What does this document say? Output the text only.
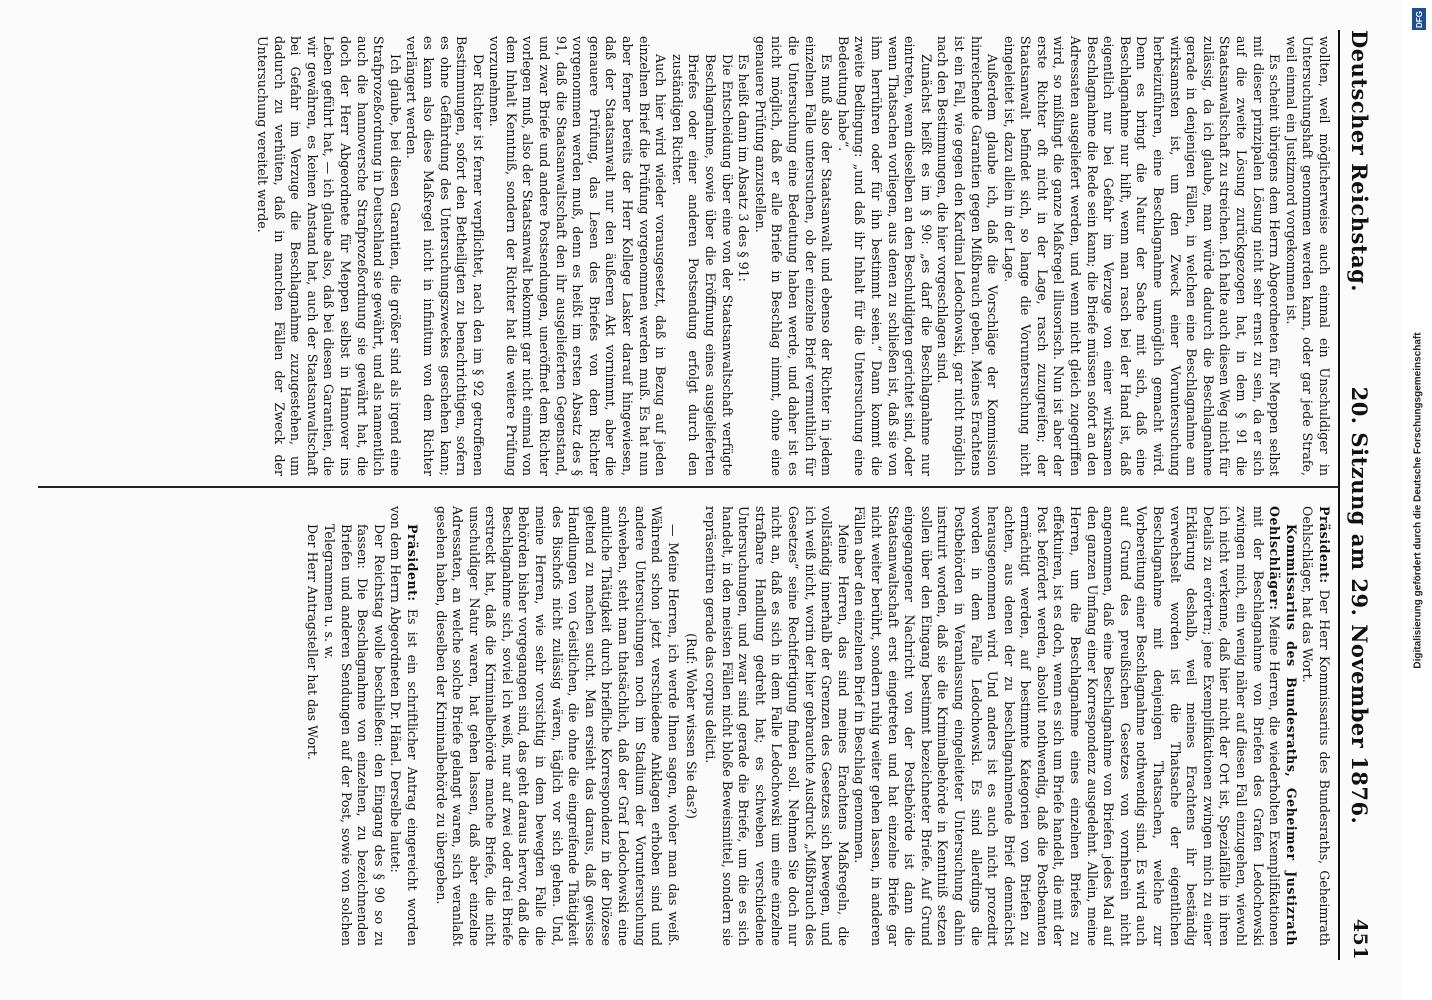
Deutscher Reichstag.
20. Sitzung am 29. November 1876.
451

wollten, weil möglicherweise auch einmal ein Unschuldiger in Untersuchungshaft genommen werden kann, oder gar jede Strafe, weil einmal ein Justizmord vorgekommen ist.

Es scheint übrigens dem Herrn Abgeordneten für Meppen selbst mit dieser prinzipalen Lösung nicht sehr ernst zu sein, da er sich auf die zweite Lösung zurückgezogen hat, in dem § 91 die Staatsanwaltschaft zu streichen. Ich halte auch diesen Weg nicht für zulässig, da ich glaube, man würde dadurch die Beschlagnahme gerade in denjenigen Fällen, in welchen eine Beschlagnahme am wirksamsten ist, um den Zweck einer Voruntersuchung herbeizuführen, eine Beschlagnahme unmöglich gemacht wird. Denn es bringt die Natur der Sache mit sich, daß eine Beschlagnahme nur hilft, wenn man rasch bei der Hand ist, daß eigentlich nur bei Gefahr im Verzuge von einer wirksamen Beschlagnahme die Rede sein kann; die Briefe müssen sofort an den Adressaten ausgeliefert werden, und wenn nicht gleich zugegriffen wird, so mißlingt die ganze Maßregel illusorisch. Nun ist aber der erste Richter oft nicht in der Lage, rasch zuzugreifen; der Staatsanwalt befindet sich, so lange die Voruntersuchung nicht eingeleitet ist, dazu allein in der Lage.

Außerdem glaube ich, daß die Vorschläge der Kommission hinreichende Garantien gegen Mißbrauch geben. Meines Erachtens ist ein Fall, wie gegen den Kardinal Ledochowski, gar nicht möglich nach den Bestimmungen, die hier vorgeschlagen sind.

Zunächst heißt es im § 90: „es darf die Beschlagnahme nur eintreten, wenn dieselben an den Beschuldigten gerichtet sind, oder wenn Thatsachen vorliegen, aus denen zu schließen ist, daß sie von ihm herrühren oder für ihn bestimmt seien.“ Dann kommt die zweite Bedingung: „und daß ihr Inhalt für die Untersuchung eine Bedeutung habe“.

Es muß also der Staatsanwalt und ebenso der Richter in jedem einzelnen Falle untersuchen, ob der einzelne Brief vermuthlich für die Untersuchung eine Bedeutung haben werde, und daher ist es nicht möglich, daß er alle Briefe in Beschlag nimmt, ohne eine genauere Prüfung anzustellen.

Es heißt dann im Absatz 3 des § 91:

Die Entscheidung über eine von der Staatsanwaltschaft verfügte Beschlagnahme, sowie über die Eröffnung eines ausgelieferten Briefes oder einer anderen Postsendung erfolgt durch den zuständigen Richter.

Auch hier wird wieder vorausgesetzt, daß in Bezug auf jeden einzelnen Brief die Prüfung vorgenommen werden muß. Es hat nun aber ferner bereits der Herr Kollege Lasker darauf hingewiesen, daß der Staatsanwalt nur den äußeren Akt vornimmt, aber die genauere Prüfung, das Lesen des Briefes von dem Richter vorgenommen werden muß, denn es heißt im ersten Absatz des § 91, daß die Staatsanwaltschaft den ihr ausgelieferten Gegenstand, und zwar Briefe und andere Postsendungen, uneröffnet dem Richter vorlegen muß, also der Staatsanwalt bekommt gar nicht einmal von dem Inhalt Kenntniß, sondern der Richter hat die weitere Prüfung vorzunehmen.

Der Richter ist ferner verpflichtet, nach den im § 92 getroffenen Bestimmungen, sofort den Betheiligten zu benachrichtigen, sofern es ohne Gefährdung des Untersuchungszweckes geschehen kann; es kann also diese Maßregel nicht in infinitum von dem Richter verlängert werden.

Ich glaube, bei diesen Garantien, die größer sind als irgend eine Strafprozeßordnung in Deutschland sie gewährt, und als namentlich auch die hannoversche Strafprozeßordnung sie gewährt hat, die doch der Herr Abgeordnete für Meppen selbst in Hannover ins Leben geführt hat, — ich glaube also, daß bei diesen Garantien, die wir gewähren, es keinen Anstand hat, auch der Staatsanwaltschaft bei Gefahr im Verzuge die Beschlagnahme zuzugestehen, um dadurch zu verhüten, daß in manchen Fällen der Zweck der Untersuchung vereitelt werde.

Präsident: Der Herr Kommissarius des Bundesraths, Geheimrath Oehlschläger, hat das Wort.

Kommissarius des Bundesraths, Geheimer Justizrath Oehlschläger: Meine Herren, die wiederholten Exemplifikationen mit der Beschlagnahme von Briefen des Grafen Ledochowski zwingen mich, ein wenig näher auf diesen Fall einzugehen, wiewohl ich nicht verkenne, daß hier nicht der Ort ist, Spezialfälle in ihren Details zu erörtern; jene Exemplifikationen zwingen mich zu einer Erklärung deshalb, weil meines Erachtens ihr beständig verwechselt worden ist die Thatsache der eigentlichen Beschlagnahme mit denjenigen Thatsachen, welche zur Vorbereitung einer Beschlagnahme nothwendig sind. Es wird auch auf Grund des preußischen Gesetzes von vornherein nicht angenommen, daß eine Beschlagnahme von Briefen jedes Mal auf den ganzen Umfang einer Korrespondenz ausgedehnt. Allein, meine Herren, um die Beschlagnahme eines einzelnen Briefes zu effektuiren, ist es doch, wenn es sich um Briefe handelt, die mit der Post befördert werden, absolut nothwendig, daß die Postbeamten ermächtigt werden, auf bestimmte Kategorien von Briefen zu achten, aus denen der zu beschlagnahmende Brief demnächst herausgenommen wird. Und anders ist es auch nicht prozedirt worden in dem Falle Ledochowski. Es sind allerdings die Postbehörden in Veranlassung eingeleiteter Untersuchung dahin instruirt worden, daß sie die Kriminalbehörde in Kenntniß setzen sollen über den Eingang bestimmt bezeichneter Briefe. Auf Grund eingegangener Nachricht von der Postbehörde ist dann die Staatsanwaltschaft erst eingetreten und hat einzelne Briefe gar nicht weiter berührt, sondern ruhig weiter gehen lassen, in anderen Fällen aber den einzelnen Brief in Beschlag genommen.

Meine Herren, das sind meines Erachtens Maßregeln, die vollständig innerhalb der Grenzen des Gesetzes sich bewegen, und ich weiß nicht, worin der hier gebrauchte Ausdruck „Mißbrauch des Gesetzes“ seine Rechtfertigung finden soll. Nehmen Sie doch nur nicht an, daß es sich in dem Falle Ledochowski um eine einzelne strafbare Handlung gedreht hat; es schweben verschiedene Untersuchungen, und zwar sind gerade die Briefe, um die es sich handelt, in den meisten Fällen nicht bloße Beweismittel, sondern sie repräsentiren gerade das corpus delicti.

(Ruf: Woher wissen Sie das?)

— Meine Herren, ich werde Ihnen sagen, woher man das weiß. Während schon jetzt verschiedene Anklagen erhoben sind und andere Untersuchungen noch im Stadium der Voruntersuchung schweben, steht man thatsächlich, daß der Graf Ledochowski eine amtliche Thätigkeit durch briefliche Korrespondenz in der Diözese geltend zu machen sucht. Man ersieht das daraus, daß gewisse Handlungen von Geistlichen, die ohne die eingreifende Thätigkeit des Bischofs nicht zulässig wären, täglich vor sich gehen. Und, meine Herren, wie sehr vorsichtig in dem bewegten Falle die Behörden bisher vorgegangen sind, das geht daraus hervor, daß die Beschlagnahme sich, soviel ich weiß, nur auf zwei oder drei Briefe erstreckt hat, daß die Kriminalbehörde manche Briefe, die nicht unschuldiger Natur waren, hat gehen lassen, daß aber einzelne Adressaten, an welche solche Briefe gelangt waren, sich veranlaßt gesehen haben, dieselben der Kriminalbehörde zu übergeben.

Präsident: Es ist ein schriftlicher Antrag eingereicht worden von dem Herrn Abgeordneten Dr. Hänel. Derselbe lautet:

Der Reichstag wolle beschließen: den Eingang des § 90 so zu fassen: Die Beschlagnahme von einzelnen, zu bezeichnenden Briefen und anderen Sendungen auf der Post, sowie von solchen Telegrammen u. s. w.

Der Herr Antragsteller hat das Wort.

DFG
Digitalisierung gefördert durch die Deutsche Forschungsgemeinschaft
